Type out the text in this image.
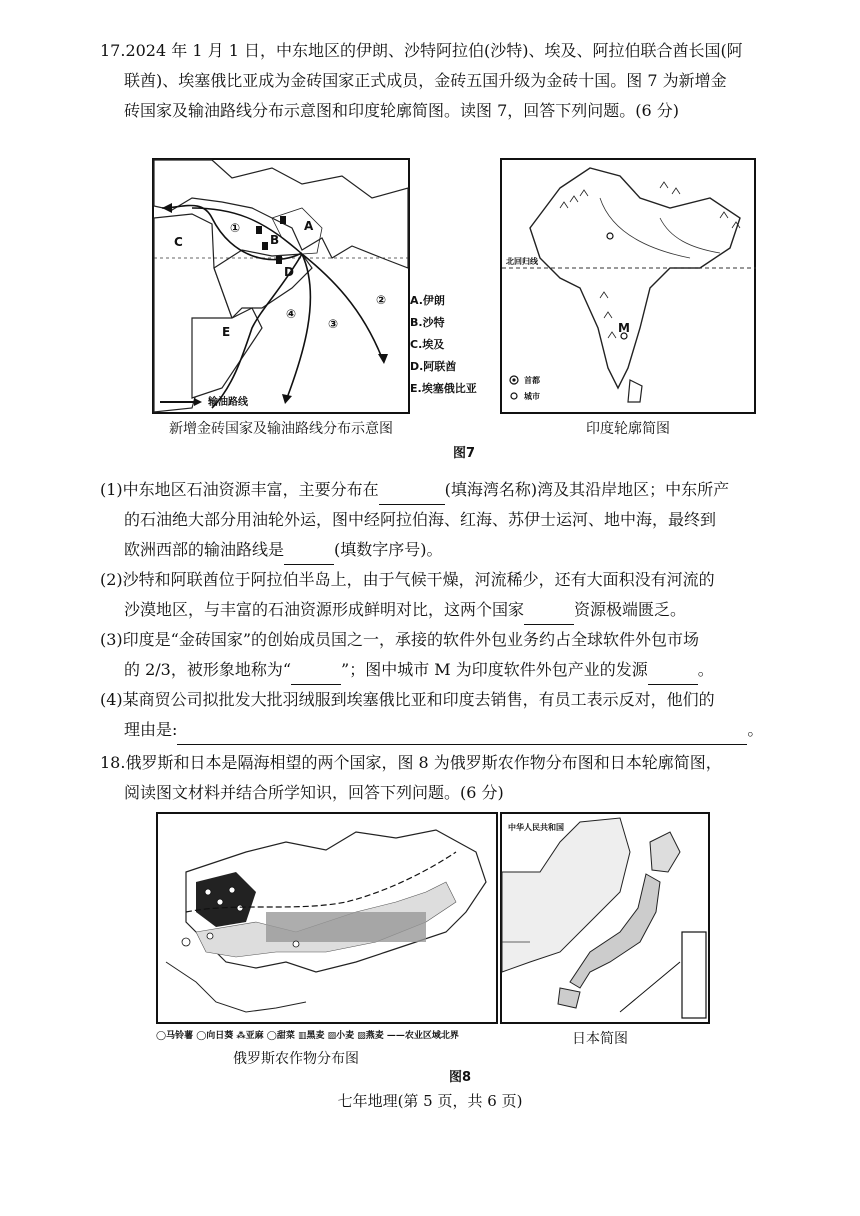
17.2024 年 1 月 1 日，中东地区的伊朗、沙特阿拉伯(沙特)、埃及、阿拉伯联合酋长国(阿

联酋)、埃塞俄比亚成为金砖国家正式成员，金砖五国升级为金砖十国。图 7 为新增金

砖国家及输油路线分布示意图和印度轮廓简图。读图 7，回答下列问题。(6 分)

A
B
C
D
E
①
②
③
④
输油路线
A.伊朗
B.沙特
C.埃及
D.阿联酋
E.埃塞俄比亚
新增金砖国家及输油路线分布示意图
北回归线
M
首都
城市
印度轮廓简图
图7

(1)中东地区石油资源丰富，主要分布在	(填海湾名称)湾及其沿岸地区；中东所产

的石油绝大部分用油轮外运，图中经阿拉伯海、红海、苏伊士运河、地中海，最终到

欧洲西部的输油路线是	(填数字序号)。

(2)沙特和阿联酋位于阿拉伯半岛上，由于气候干燥，河流稀少，还有大面积没有河流的

沙漠地区，与丰富的石油资源形成鲜明对比，这两个国家	资源极端匮乏。

(3)印度是“金砖国家”的创始成员国之一，承接的软件外包业务约占全球软件外包市场

的 2/3，被形象地称为“	”；图中城市 M 为印度软件外包产业的发源	。

(4)某商贸公司拟批发大批羽绒服到埃塞俄比亚和印度去销售，有员工表示反对，他们的

理由是:	。

18.俄罗斯和日本是隔海相望的两个国家，图 8 为俄罗斯农作物分布图和日本轮廓简图，

阅读图文材料并结合所学知识，回答下列问题。(6 分)

◯马铃薯 ◯向日葵 ⁂亚麻 ◯甜菜 ▥黑麦 ▨小麦 ▨燕麦 ——农业区域北界
俄罗斯农作物分布图
中华人民共和国
日本简图
图8
七年地理(第 5 页，共 6 页)
